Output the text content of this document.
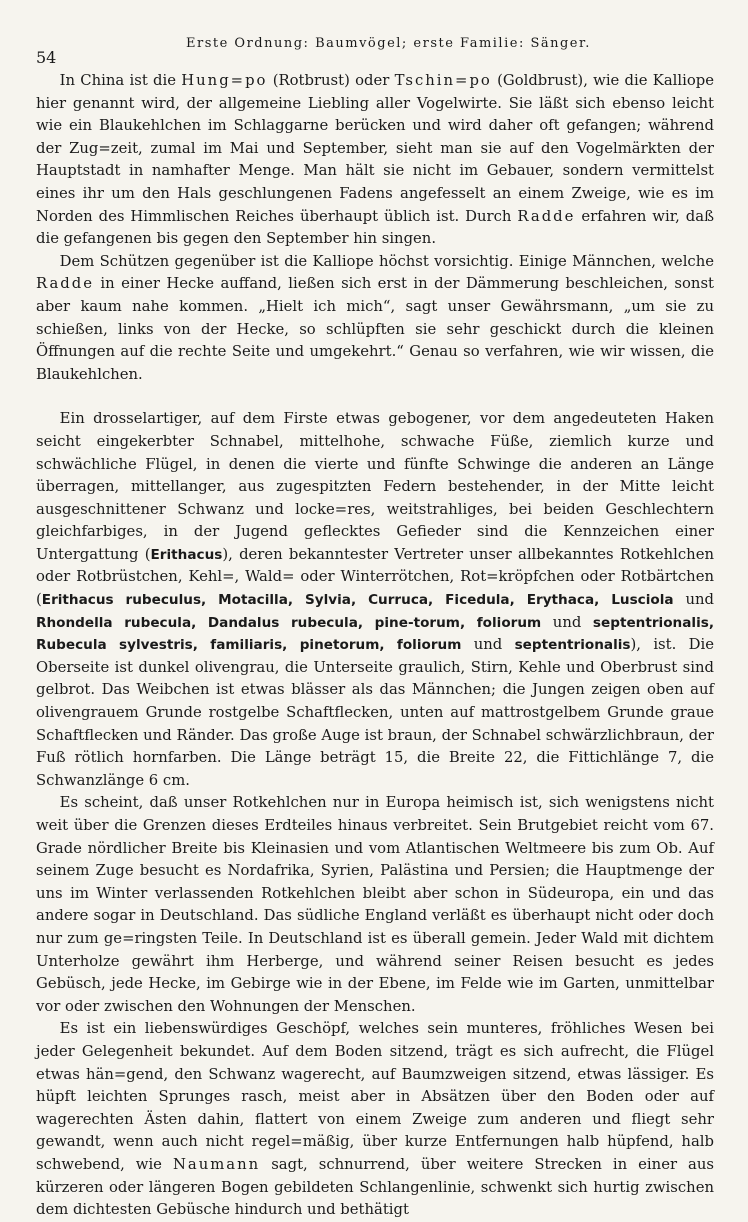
54
Erste Ordnung: Baumvögel; erste Familie: Sänger.

In China ist die Hung=po (Rotbrust) oder Tschin=po (Goldbrust), wie die Kalliope hier genannt wird, der allgemeine Liebling aller Vogelwirte. Sie läßt sich ebenso leicht wie ein Blaukehlchen im Schlaggarne berücken und wird daher oft gefangen; während der Zug=zeit, zumal im Mai und September, sieht man sie auf den Vogelmärkten der Hauptstadt in namhafter Menge. Man hält sie nicht im Gebauer, sondern vermittelst eines ihr um den Hals geschlungenen Fadens angefesselt an einem Zweige, wie es im Norden des Himmlischen Reiches überhaupt üblich ist. Durch Radde erfahren wir, daß die gefangenen bis gegen den September hin singen.

Dem Schützen gegenüber ist die Kalliope höchst vorsichtig. Einige Männchen, welche Radde in einer Hecke auffand, ließen sich erst in der Dämmerung beschleichen, sonst aber kaum nahe kommen. „Hielt ich mich“, sagt unser Gewährsmann, „um sie zu schießen, links von der Hecke, so schlüpften sie sehr geschickt durch die kleinen Öffnungen auf die rechte Seite und umgekehrt.“ Genau so verfahren, wie wir wissen, die Blaukehlchen.

Ein drosselartiger, auf dem Firste etwas gebogener, vor dem angedeuteten Haken seicht eingekerbter Schnabel, mittelhohe, schwache Füße, ziemlich kurze und schwächliche Flügel, in denen die vierte und fünfte Schwinge die anderen an Länge überragen, mittellanger, aus zugespitzten Federn bestehender, in der Mitte leicht ausgeschnittener Schwanz und locke=res, weitstrahliges, bei beiden Geschlechtern gleichfarbiges, in der Jugend geflecktes Gefieder sind die Kennzeichen einer Untergattung (Erithacus), deren bekanntester Vertreter unser allbekanntes Rotkehlchen oder Rotbrüstchen, Kehl=, Wald= oder Winterrötchen, Rot=kröpfchen oder Rotbärtchen (Erithacus rubeculus, Motacilla, Sylvia, Curruca, Ficedula, Erythaca, Lusciola und Rhondella rubecula, Dandalus rubecula, pine-torum, foliorum und septentrionalis, Rubecula sylvestris, familiaris, pinetorum, foliorum und septentrionalis), ist. Die Oberseite ist dunkel olivengrau, die Unterseite graulich, Stirn, Kehle und Oberbrust sind gelbrot. Das Weibchen ist etwas blässer als das Männchen; die Jungen zeigen oben auf olivengrauem Grunde rostgelbe Schaftflecken, unten auf mattrostgelbem Grunde graue Schaftflecken und Ränder. Das große Auge ist braun, der Schnabel schwärzlichbraun, der Fuß rötlich hornfarben. Die Länge beträgt 15, die Breite 22, die Fittichlänge 7, die Schwanzlänge 6 cm.

Es scheint, daß unser Rotkehlchen nur in Europa heimisch ist, sich wenigstens nicht weit über die Grenzen dieses Erdteiles hinaus verbreitet. Sein Brutgebiet reicht vom 67. Grade nördlicher Breite bis Kleinasien und vom Atlantischen Weltmeere bis zum Ob. Auf seinem Zuge besucht es Nordafrika, Syrien, Palästina und Persien; die Hauptmenge der uns im Winter verlassenden Rotkehlchen bleibt aber schon in Südeuropa, ein und das andere sogar in Deutschland. Das südliche England verläßt es überhaupt nicht oder doch nur zum ge=ringsten Teile. In Deutschland ist es überall gemein. Jeder Wald mit dichtem Unterholze gewährt ihm Herberge, und während seiner Reisen besucht es jedes Gebüsch, jede Hecke, im Gebirge wie in der Ebene, im Felde wie im Garten, unmittelbar vor oder zwischen den Wohnungen der Menschen.

Es ist ein liebenswürdiges Geschöpf, welches sein munteres, fröhliches Wesen bei jeder Gelegenheit bekundet. Auf dem Boden sitzend, trägt es sich aufrecht, die Flügel etwas hän=gend, den Schwanz wagerecht, auf Baumzweigen sitzend, etwas lässiger. Es hüpft leichten Sprunges rasch, meist aber in Absätzen über den Boden oder auf wagerechten Ästen dahin, flattert von einem Zweige zum anderen und fliegt sehr gewandt, wenn auch nicht regel=mäßig, über kurze Entfernungen halb hüpfend, halb schwebend, wie Naumann sagt, schnurrend, über weitere Strecken in einer aus kürzeren oder längeren Bogen gebildeten Schlangenlinie, schwenkt sich hurtig zwischen dem dichtesten Gebüsche hindurch und bethätigt
